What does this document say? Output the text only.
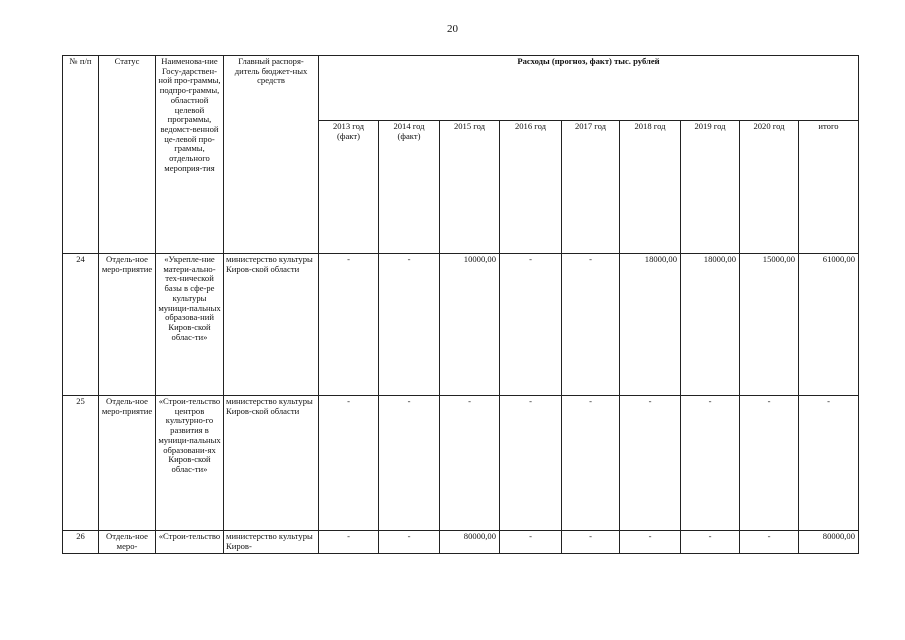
20
№ п/п	Статус	Наименова-ние Госу-дарствен-ной про-граммы, подпро-граммы, областной целевой программы, ведомст-венной це-левой про-граммы, отдельного мероприя-тия	Главный распоря-дитель бюджет-ных средств	Расходы (прогноз, факт) тыс. рублей								
				2013 год (факт)	2014 год (факт)	2015 год	2016 год	2017 год	2018 год	2019 год	2020 год	итого
24	Отдель-ное меро-приятие	«Укрепле-ние матери-ально-тех-нической базы в сфе-ре культуры муници-пальных образова-ний Киров-ской облас-ти»	министерство культуры Киров-ской области	-	-	10000,00	-	-	18000,00	18000,00	15000,00	61000,00
25	Отдель-ное меро-приятие	«Строи-тельство центров культурно-го развития в муници-пальных образовани-ях Киров-ской облас-ти»	министерство культуры Киров-ской области	-	-	-	-	-	-	-	-	-
26	Отдель-ное меро-	«Строи-тельство	министерство культуры Киров-	-	-	80000,00	-	-	-	-	-	80000,00
